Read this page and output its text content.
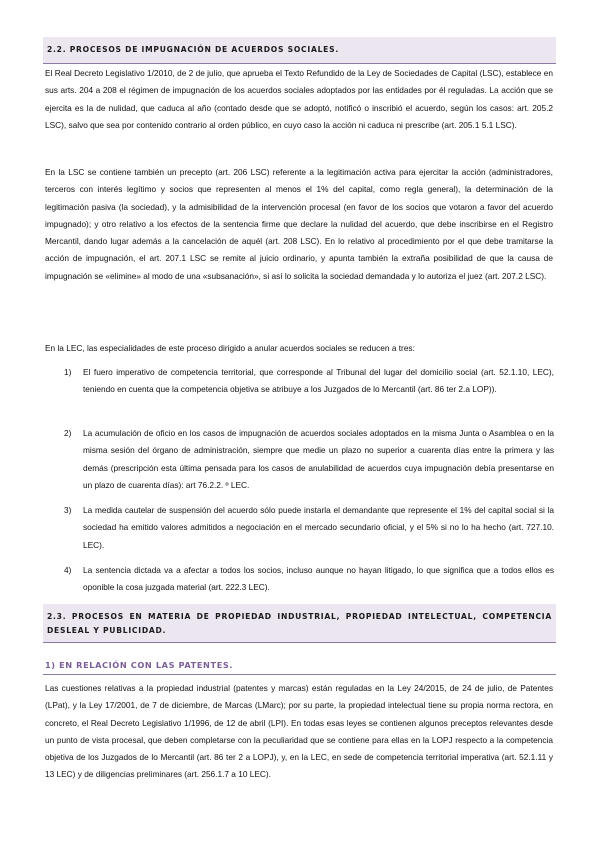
2.2. PROCESOS DE IMPUGNACIÓN DE ACUERDOS SOCIALES.
El Real Decreto Legislativo 1/2010, de 2 de julio, que aprueba el Texto Refundido de la Ley de Sociedades de Capital (LSC), establece en sus arts. 204 a 208 el régimen de impugnación de los acuerdos sociales adoptados por las entidades por él reguladas. La acción que se ejercita es la de nulidad, que caduca al año (contado desde que se adoptó, notificó o inscribió el acuerdo, según los casos: art. 205.2 LSC), salvo que sea por contenido contrario al orden público, en cuyo caso la acción ni caduca ni prescribe (art. 205.1 5.1 LSC).
En la LSC se contiene también un precepto (art. 206 LSC) referente a la legitimación activa para ejercitar la acción (administradores, terceros con interés legítimo y socios que representen al menos el 1% del capital, como regla general), la determinación de la legitimación pasiva (la sociedad), y la admisibilidad de la intervención procesal (en favor de los socios que votaron a favor del acuerdo impugnado); y otro relativo a los efectos de la sentencia firme que declare la nulidad del acuerdo, que debe inscribirse en el Registro Mercantil, dando lugar además a la cancelación de aquél (art. 208 LSC). En lo relativo al procedimiento por el que debe tramitarse la acción de impugnación, el art. 207.1 LSC se remite al juicio ordinario, y apunta también la extraña posibilidad de que la causa de impugnación se «elimine» al modo de una «subsanación», si así lo solicita la sociedad demandada y lo autoriza el juez (art. 207.2 LSC).
En la LEC, las especialidades de este proceso dirigido a anular acuerdos sociales se reducen a tres:
1) El fuero imperativo de competencia territorial, que corresponde al Tribunal del lugar del domicilio social (art. 52.1.10, LEC), teniendo en cuenta que la competencia objetiva se atribuye a los Juzgados de lo Mercantil (art. 86 ter 2.a LOP)).
2) La acumulación de oficio en los casos de impugnación de acuerdos sociales adoptados en la misma Junta o Asamblea o en la misma sesión del órgano de administración, siempre que medie un plazo no superior a cuarenta días entre la primera y las demás (prescripción esta última pensada para los casos de anulabilidad de acuerdos cuya impugnación debía presentarse en un plazo de cuarenta días): art 76.2.2. º LEC.
3) La medida cautelar de suspensión del acuerdo sólo puede instarla el demandante que represente el 1% del capital social si la sociedad ha emitido valores admitidos a negociación en el mercado secundario oficial, y el 5% si no lo ha hecho (art. 727.10. LEC).
4) La sentencia dictada va a afectar a todos los socios, incluso aunque no hayan litigado, lo que significa que a todos ellos es oponible la cosa juzgada material (art. 222.3 LEC).
2.3. PROCESOS EN MATERIA DE PROPIEDAD INDUSTRIAL, PROPIEDAD INTELECTUAL, COMPETENCIA DESLEAL Y PUBLICIDAD.
1) EN RELACIÓN CON LAS PATENTES.
Las cuestiones relativas a la propiedad industrial (patentes y marcas) están reguladas en la Ley 24/2015, de 24 de julio, de Patentes (LPat), y la Ley 17/2001, de 7 de diciembre, de Marcas (LMarc); por su parte, la propiedad intelectual tiene su propia norma rectora, en concreto, el Real Decreto Legislativo 1/1996, de 12 de abril (LPI). En todas esas leyes se contienen algunos preceptos relevantes desde un punto de vista procesal, que deben completarse con la peculiaridad que se contiene para ellas en la LOPJ respecto a la competencia objetiva de los Juzgados de lo Mercantil (art. 86 ter 2 a LOPJ), y, en la LEC, en sede de competencia territorial imperativa (art. 52.1.11 y 13 LEC) y de diligencias preliminares (art. 256.1.7 a 10 LEC).
